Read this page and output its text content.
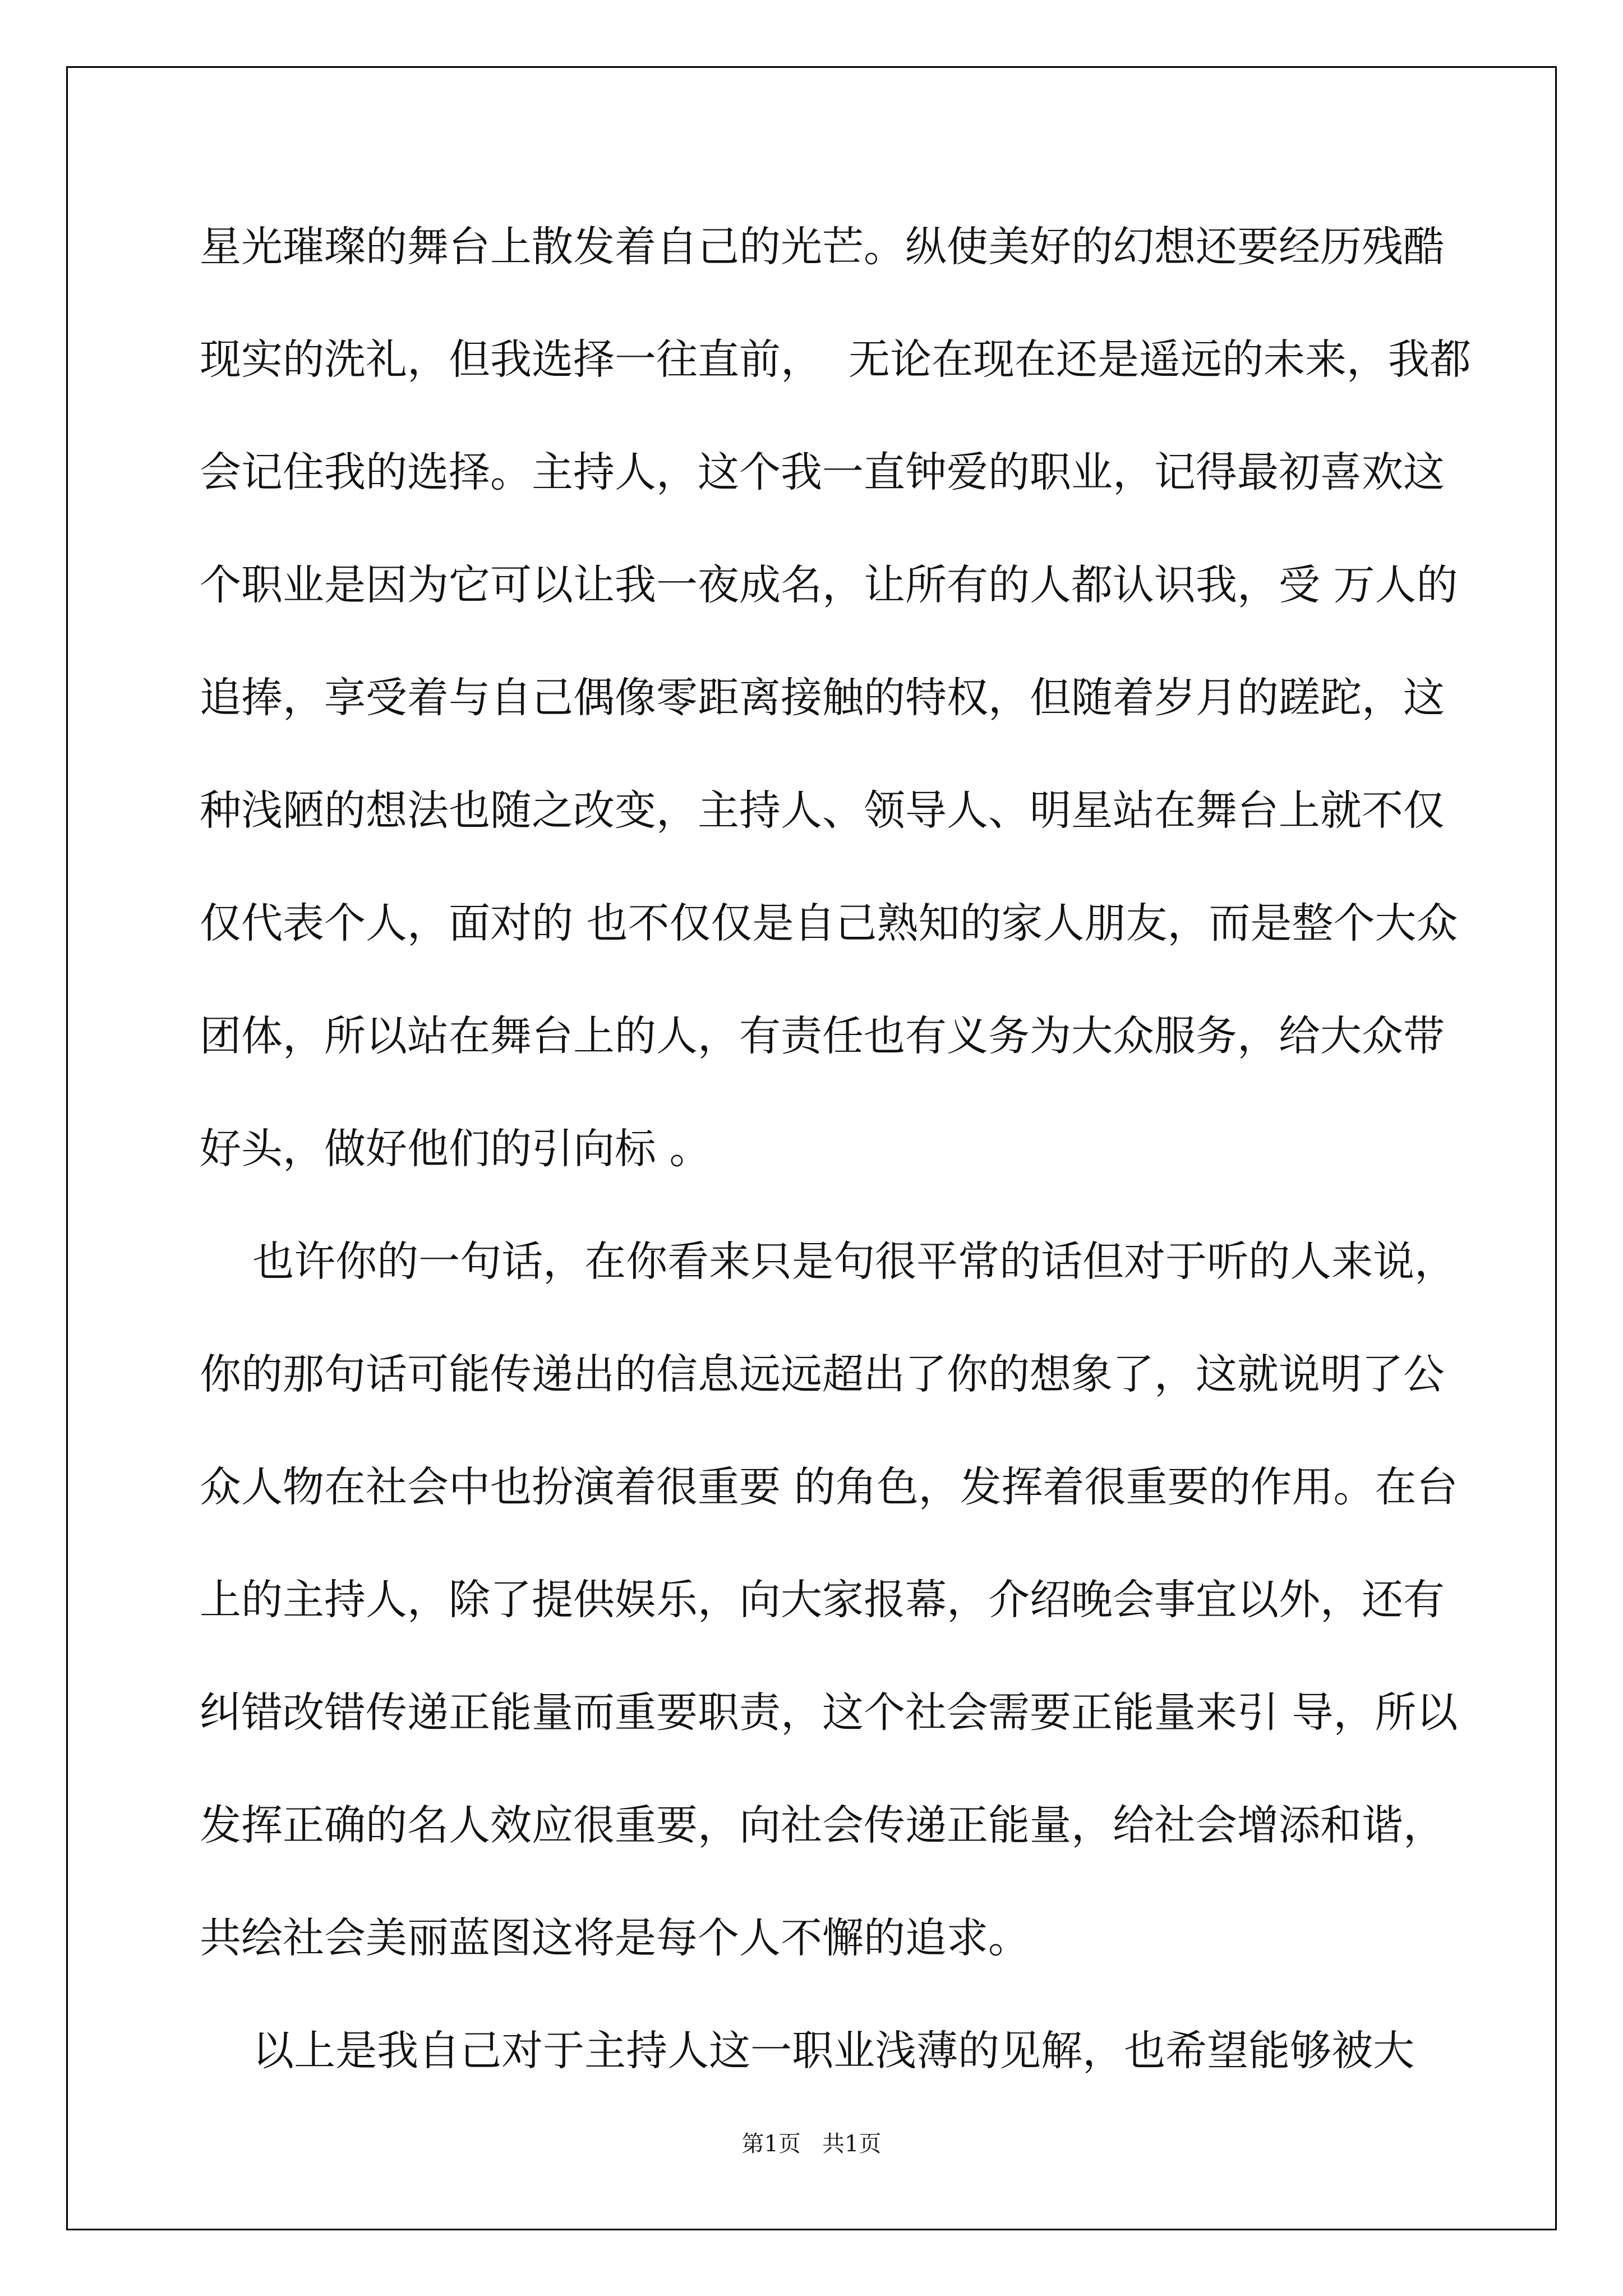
星光璀璨的舞台上散发着自己的光芒。纵使美好的幻想还要经历残酷
现实的洗礼，但我选择一往直前，  无论在现在还是遥远的未来，我都
会记住我的选择。主持人，这个我一直钟爱的职业，记得最初喜欢这
个职业是因为它可以让我一夜成名，让所有的人都认识我，受 万人的
追捧，享受着与自己偶像零距离接触的特权，但随着岁月的蹉跎，这
种浅陋的想法也随之改变，主持人、领导人、明星站在舞台上就不仅
仅代表个人，面对的 也不仅仅是自己熟知的家人朋友，而是整个大众
团体，所以站在舞台上的人，有责任也有义务为大众服务，给大众带
好头，做好他们的引向标 。
也许你的一句话，在你看来只是句很平常的话但对于听的人来说，
你的那句话可能传递出的信息远远超出了你的想象了，这就说明了公
众人物在社会中也扮演着很重要 的角色，发挥着很重要的作用。在台
上的主持人，除了提供娱乐，向大家报幕，介绍晚会事宜以外，还有
纠错改错传递正能量而重要职责，这个社会需要正能量来引 导，所以
发挥正确的名人效应很重要，向社会传递正能量，给社会增添和谐，
共绘社会美丽蓝图这将是每个人不懈的追求。
以上是我自己对于主持人这一职业浅薄的见解，也希望能够被大
第1页   共1页
